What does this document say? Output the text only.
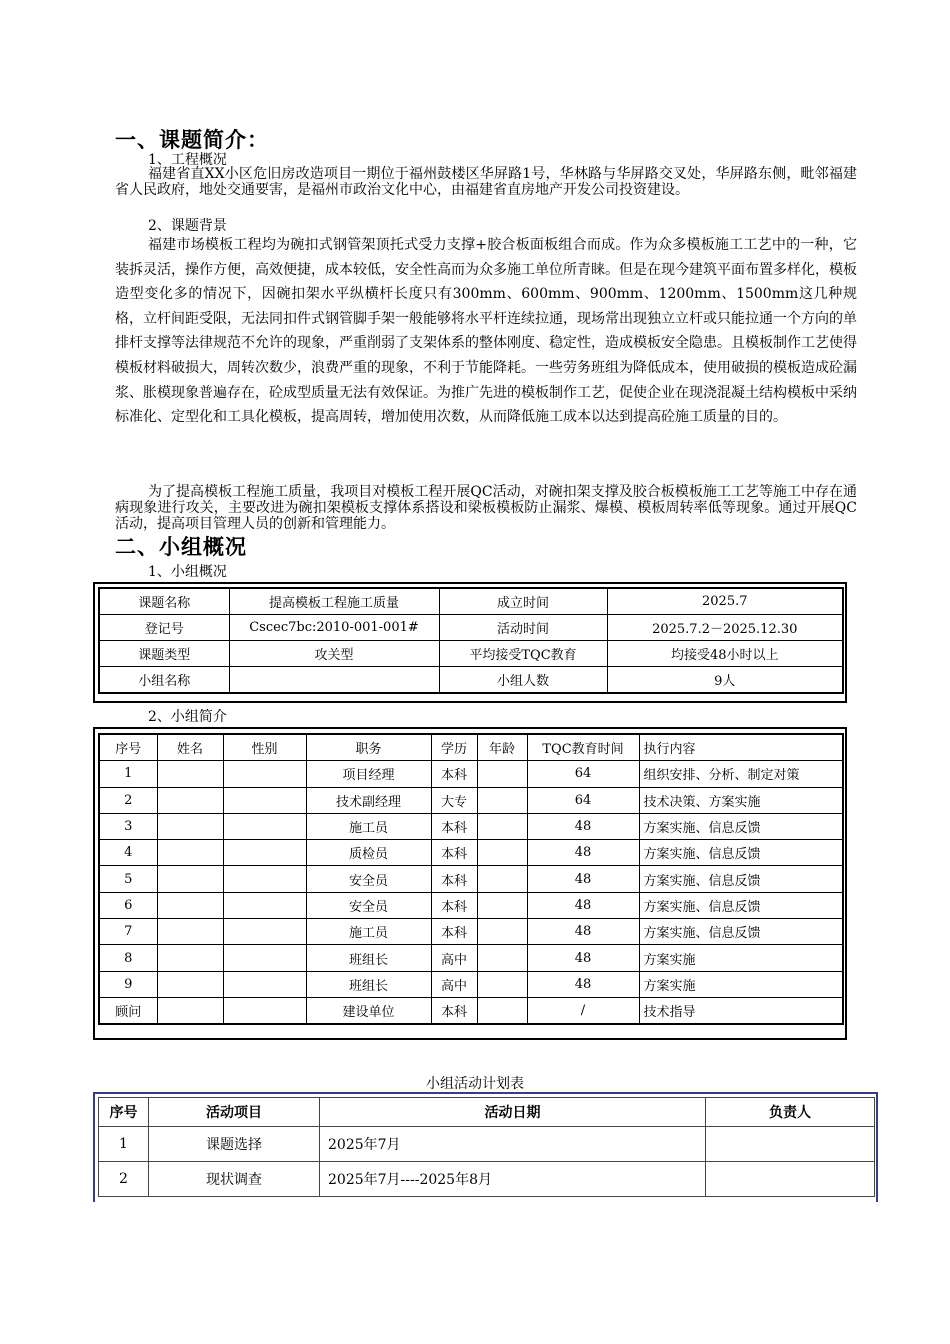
一、课题简介：
1、工程概况
福建省直XX小区危旧房改造项目一期位于福州鼓楼区华屏路1号，华林路与华屏路交叉处，华屏路东侧，毗邻福建省人民政府，地处交通要害，是福州市政治文化中心，由福建省直房地产开发公司投资建设。
2、课题背景
福建市场模板工程均为碗扣式钢管架顶托式受力支撑+胶合板面板组合而成。作为众多模板施工工艺中的一种，它装拆灵活，操作方便，高效便捷，成本较低，安全性高而为众多施工单位所青睐。但是在现今建筑平面布置多样化，模板造型变化多的情况下，因碗扣架水平纵横杆长度只有300mm、600mm、900mm、1200mm、1500mm这几种规格，立杆间距受限，无法同扣件式钢管脚手架一般能够将水平杆连续拉通，现场常出现独立立杆或只能拉通一个方向的单排杆支撑等法律规范不允许的现象，严重削弱了支架体系的整体刚度、稳定性，造成模板安全隐患。且模板制作工艺使得模板材料破损大，周转次数少，浪费严重的现象，不利于节能降耗。一些劳务班组为降低成本，使用破损的模板造成砼漏浆、胀模现象普遍存在，砼成型质量无法有效保证。为推广先进的模板制作工艺，促使企业在现浇混凝土结构模板中采纳标准化、定型化和工具化模板，提高周转，增加使用次数，从而降低施工成本以达到提高砼施工质量的目的。
为了提高模板工程施工质量，我项目对模板工程开展QC活动，对碗扣架支撑及胶合板模板施工工艺等施工中存在通病现象进行攻关，主要改进为碗扣架模板支撑体系搭设和梁板模板防止漏浆、爆模、模板周转率低等现象。通过开展QC活动，提高项目管理人员的创新和管理能力。
二、小组概况
1、小组概况
课题名称	提高模板工程施工质量	成立时间	2025.7
登记号	Cscec7bc:2010-001-001#	活动时间	2025.7.2－2025.12.30
课题类型	攻关型	平均接受TQC教育	均接受48小时以上
小组名称		小组人数	9人
2、小组简介
序号	姓名	性别	职务	学历	年龄	TQC教育时间	执行内容
1			项目经理	本科		64	组织安排、分析、制定对策
2			技术副经理	大专		64	技术决策、方案实施
3			施工员	本科		48	方案实施、信息反馈
4			质检员	本科		48	方案实施、信息反馈
5			安全员	本科		48	方案实施、信息反馈
6			安全员	本科		48	方案实施、信息反馈
7			施工员	本科		48	方案实施、信息反馈
8			班组长	高中		48	方案实施
9			班组长	高中		48	方案实施
顾问			建设单位	本科		/	技术指导
小组活动计划表
序号	活动项目	活动日期	负责人
1	课题选择	2025年7月	
2	现状调查	2025年7月----2025年8月	
